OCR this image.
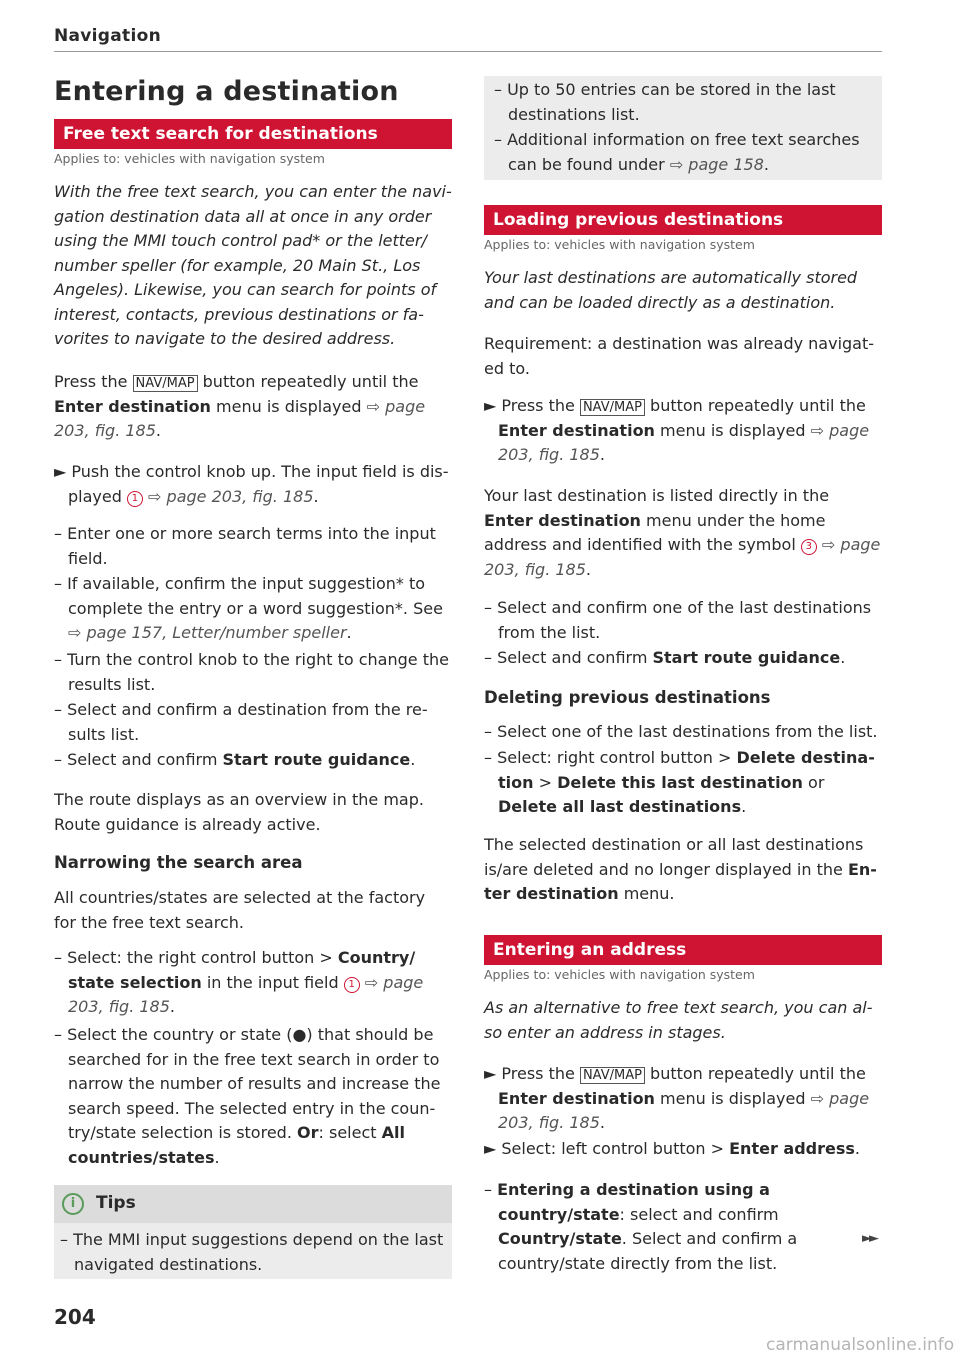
Navigation
Entering a destination
Free text search for destinations
Applies to: vehicles with navigation system
With the free text search, you can enter the navi- gation destination data all at once in any order using the MMI touch control pad* or the letter/ number speller (for example, 20 Main St., Los Angeles). Likewise, you can search for points of interest, contacts, previous destinations or fa- vorites to navigate to the desired address.
Press the NAV/MAP button repeatedly until the Enter destination menu is displayed ⇨ page 203, fig. 185.
► Push the control knob up. The input field is dis- played 1 ⇨ page 203, fig. 185.
– Enter one or more search terms into the input field.
– If available, confirm the input suggestion* to complete the entry or a word suggestion*. See ⇨ page 157, Letter/number speller.
– Turn the control knob to the right to change the results list.
– Select and confirm a destination from the re- sults list.
– Select and confirm Start route guidance.
The route displays as an overview in the map. Route guidance is already active.
Narrowing the search area
All countries/states are selected at the factory for the free text search.
– Select: the right control button > Country/ state selection in the input field 1 ⇨ page 203, fig. 185.
– Select the country or state (●) that should be searched for in the free text search in order to narrow the number of results and increase the search speed. The selected entry in the coun- try/state selection is stored. Or: select All countries/states.
i	Tips
– The MMI input suggestions depend on the last navigated destinations.
– Up to 50 entries can be stored in the last destinations list.
– Additional information on free text searches can be found under ⇨ page 158.
Loading previous destinations
Applies to: vehicles with navigation system
Your last destinations are automatically stored and can be loaded directly as a destination.
Requirement: a destination was already navigat- ed to.
► Press the NAV/MAP button repeatedly until the Enter destination menu is displayed ⇨ page 203, fig. 185.
Your last destination is listed directly in the Enter destination menu under the home address and identified with the symbol 3 ⇨ page 203, fig. 185.
– Select and confirm one of the last destinations from the list.
– Select and confirm Start route guidance.
Deleting previous destinations
– Select one of the last destinations from the list.
– Select: right control button > Delete destina- tion > Delete this last destination or Delete all last destinations.
The selected destination or all last destinations is/are deleted and no longer displayed in the En- ter destination menu.
Entering an address
Applies to: vehicles with navigation system
As an alternative to free text search, you can al- so enter an address in stages.
► Press the NAV/MAP button repeatedly until the Enter destination menu is displayed ⇨ page 203, fig. 185.
► Select: left control button > Enter address.
– Entering a destination using a country/state: select and confirm Country/state. Select and confirm a country/state directly from the list.
►►
204
carmanualsonline.info
